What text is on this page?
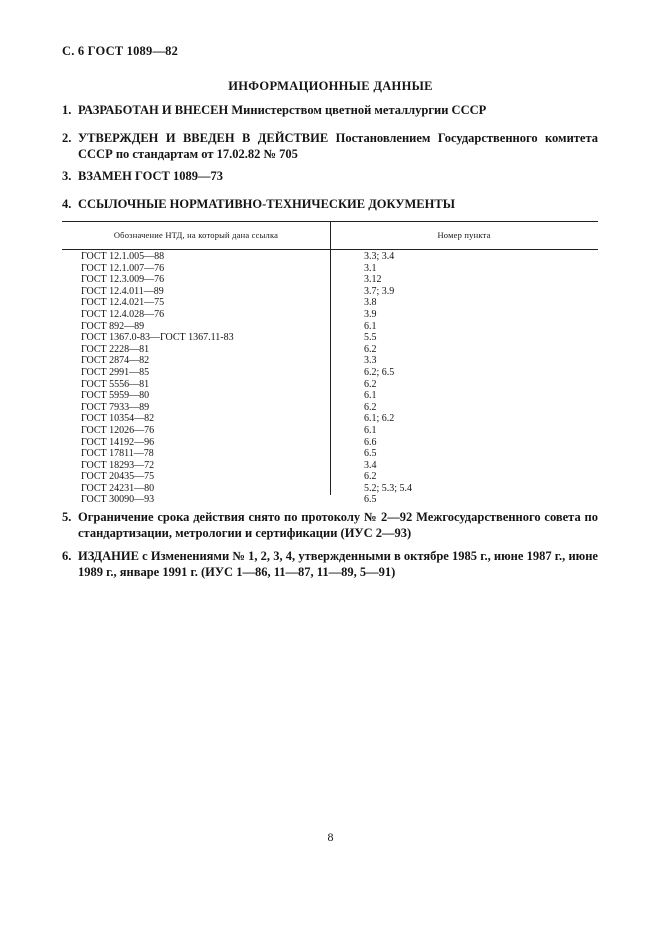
С. 6 ГОСТ 1089—82
ИНФОРМАЦИОННЫЕ ДАННЫЕ
1. РАЗРАБОТАН И ВНЕСЕН Министерством цветной металлургии СССР
2. УТВЕРЖДЕН И ВВЕДЕН В ДЕЙСТВИЕ Постановлением Государственного комитета СССР по стандартам от 17.02.82 № 705
3. ВЗАМЕН ГОСТ 1089—73
4. ССЫЛОЧНЫЕ НОРМАТИВНО-ТЕХНИЧЕСКИЕ ДОКУМЕНТЫ
Обозначение НТД, на который дана ссылка	Номер пункта
ГОСТ 12.1.005—88	3.3; 3.4
ГОСТ 12.1.007—76	3.1
ГОСТ 12.3.009—76	3.12
ГОСТ 12.4.011—89	3.7; 3.9
ГОСТ 12.4.021—75	3.8
ГОСТ 12.4.028—76	3.9
ГОСТ 892—89	6.1
ГОСТ 1367.0-83—ГОСТ 1367.11-83	5.5
ГОСТ 2228—81	6.2
ГОСТ 2874—82	3.3
ГОСТ 2991—85	6.2; 6.5
ГОСТ 5556—81	6.2
ГОСТ 5959—80	6.1
ГОСТ 7933—89	6.2
ГОСТ 10354—82	6.1; 6.2
ГОСТ 12026—76	6.1
ГОСТ 14192—96	6.6
ГОСТ 17811—78	6.5
ГОСТ 18293—72	3.4
ГОСТ 20435—75	6.2
ГОСТ 24231—80	5.2; 5.3; 5.4
ГОСТ 30090—93	6.5
5. Ограничение срока действия снято по протоколу № 2—92 Межгосударственного совета по стандартизации, метрологии и сертификации (ИУС 2—93)
6. ИЗДАНИЕ с Изменениями № 1, 2, 3, 4, утвержденными в октябре 1985 г., июне 1987 г., июне 1989 г., январе 1991 г. (ИУС 1—86, 11—87, 11—89, 5—91)
8
